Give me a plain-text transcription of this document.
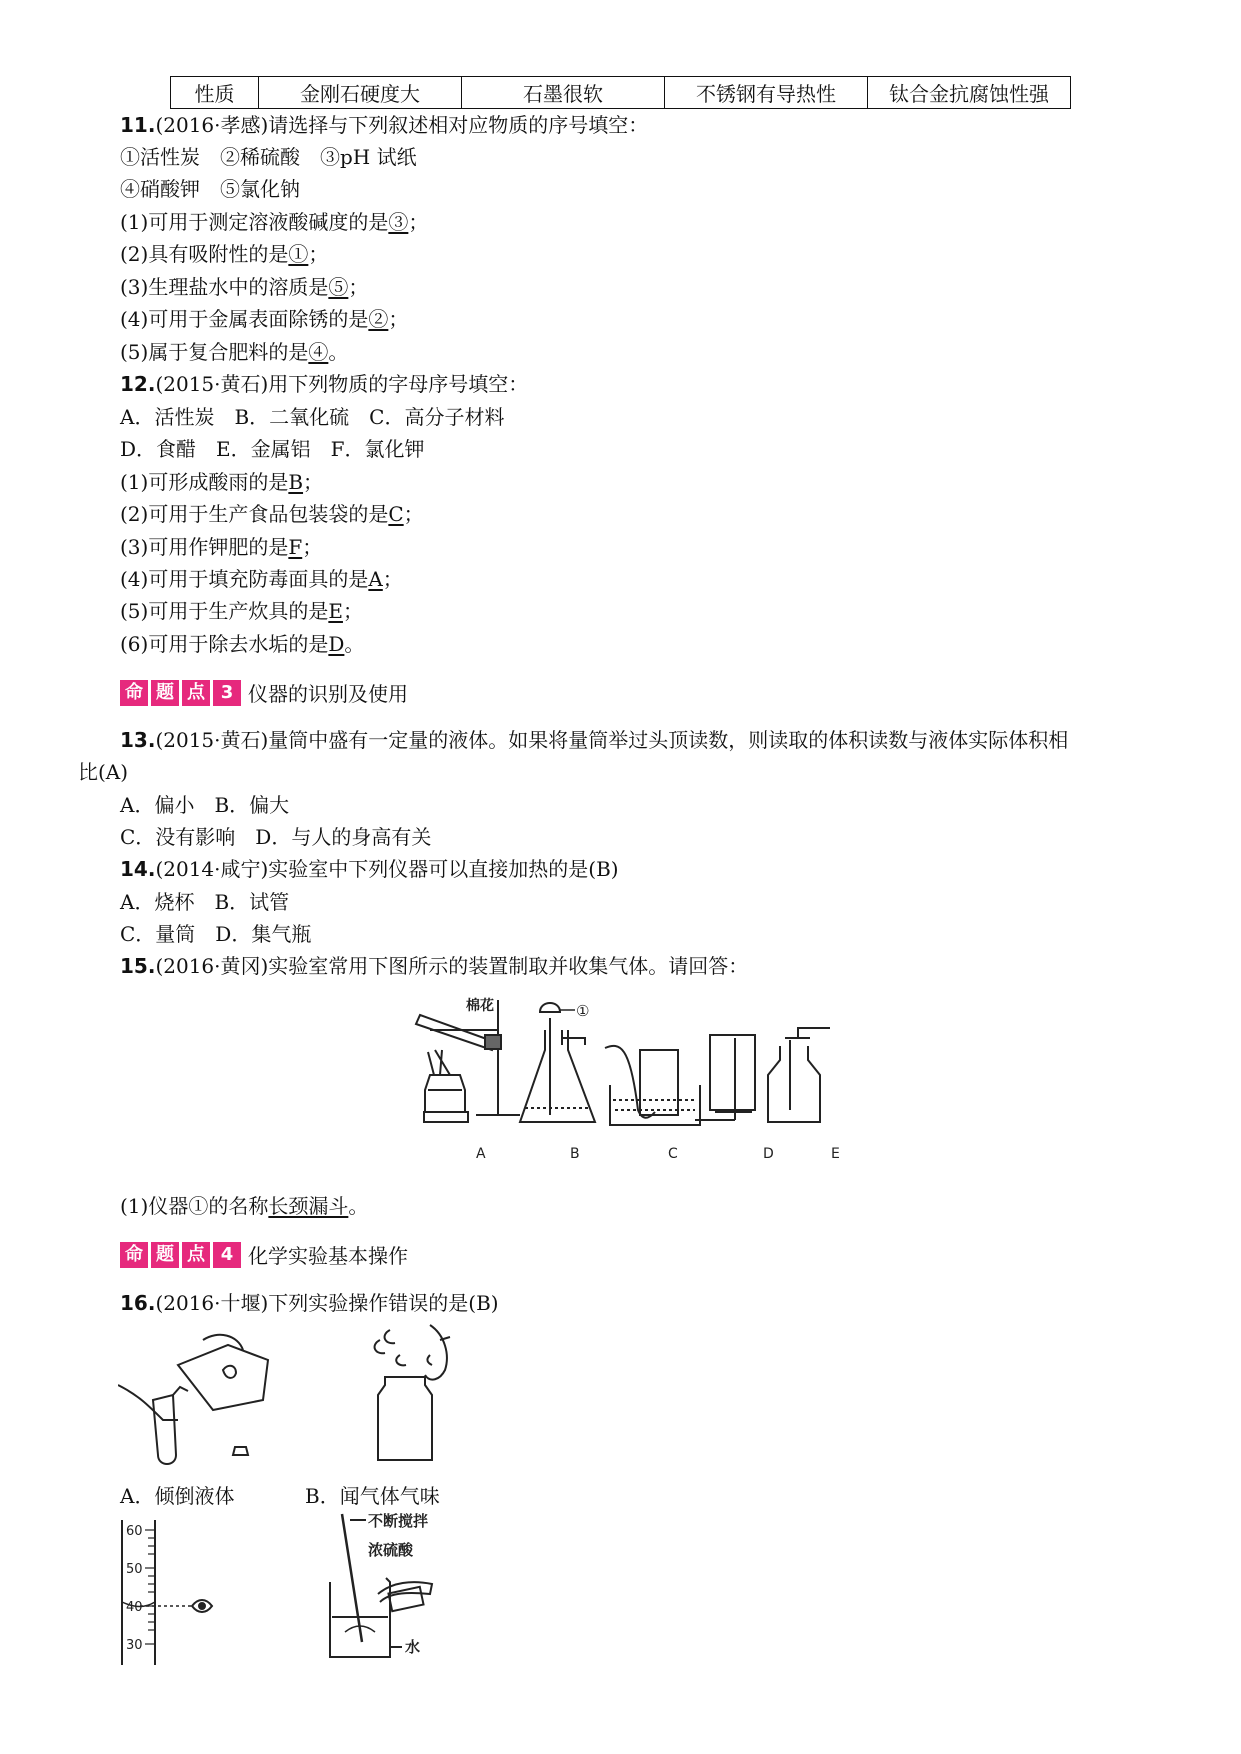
性质	金刚石硬度大	石墨很软	不锈钢有导热性	钛合金抗腐蚀性强
11.(2016·孝感)请选择与下列叙述相对应物质的序号填空：
①活性炭　②稀硫酸　③pH 试纸
④硝酸钾　⑤氯化钠
(1)可用于测定溶液酸碱度的是③；
(2)具有吸附性的是①；
(3)生理盐水中的溶质是⑤；
(4)可用于金属表面除锈的是②；
(5)属于复合肥料的是④。
12.(2015·黄石)用下列物质的字母序号填空：
A．活性炭　B．二氧化硫　C．高分子材料
D．食醋　E．金属铝　F．氯化钾
(1)可形成酸雨的是B；
(2)可用于生产食品包装袋的是C；
(3)可用作钾肥的是F；
(4)可用于填充防毒面具的是A；
(5)可用于生产炊具的是E；
(6)可用于除去水垢的是D。
命 题 点 3 仪器的识别及使用
13.(2015·黄石)量筒中盛有一定量的液体。如果将量筒举过头顶读数，则读取的体积读数与液体实际体积相
比(A)
A．偏小　B．偏大
C．没有影响　D．与人的身高有关
14.(2014·咸宁)实验室中下列仪器可以直接加热的是(B)
A．烧杯　B．试管
C．量筒　D．集气瓶
15.(2016·黄冈)实验室常用下图所示的装置制取并收集气体。请回答：
棉花	①
A	B	C	D	E
(1)仪器①的名称长颈漏斗。
命 题 点 4 化学实验基本操作
16.(2016·十堰)下列实验操作错误的是(B)
A．倾倒液体	B．闻气体气味
60
50
40
30
不断搅拌
浓硫酸
水
